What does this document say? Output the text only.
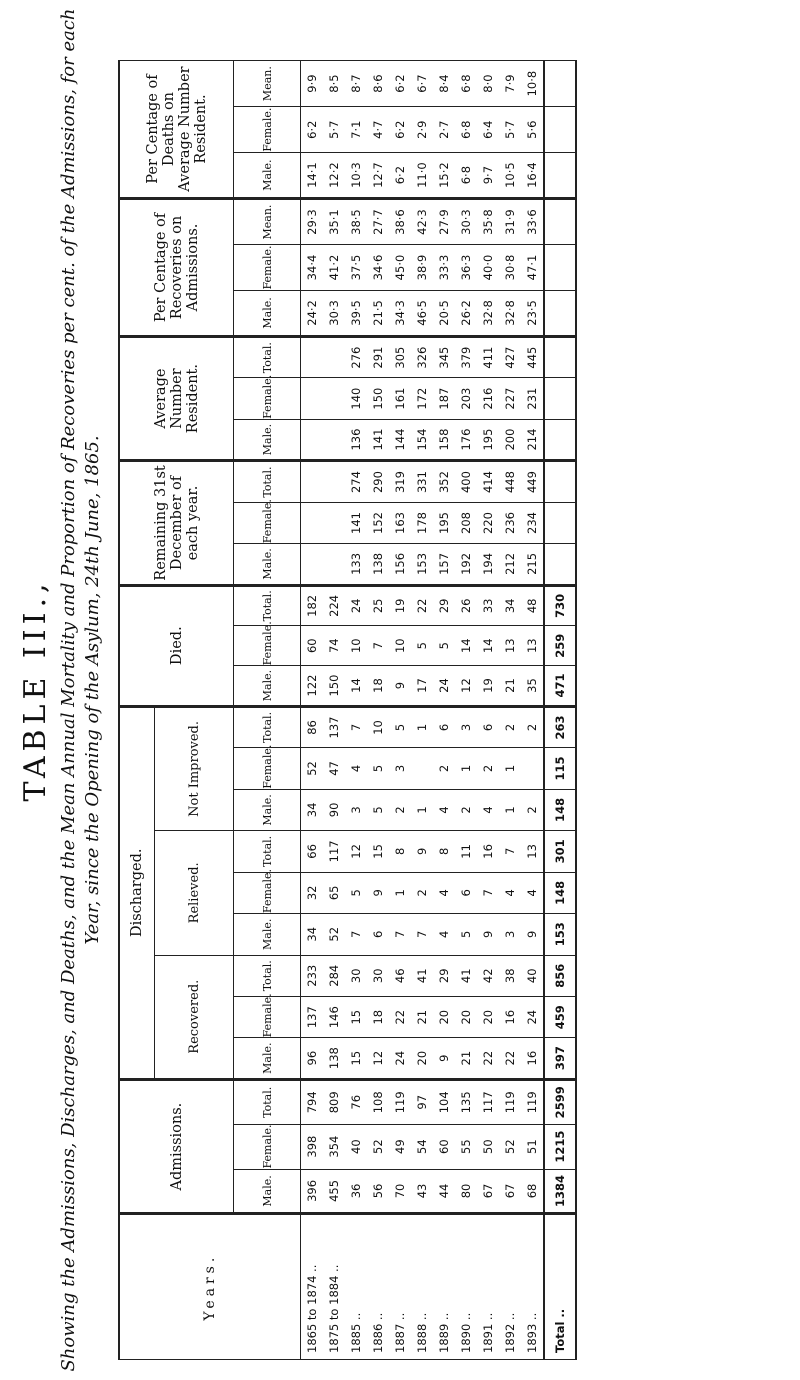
TABLE III., Showing the Admissions, Discharges, and Deaths, and the Mean Annual Mortality and Proportion of Recoveries per cent. of the Admissions, for each Year, since the Opening of the Asylum, 24th June, 1865.
Years.	Admissions.			Discharged.									Died.			Remaining 31st December of each year.			Average Number Resident.			Per Centage of Recoveries on Admissions.			Per Centage of Deaths on Average Number Resident.		
				Recovered.			Relieved.			Not Improved.																	
	Male.	Female.	Total.	Male.	Female.	Total.	Male.	Female.	Total.	Male.	Female.	Total.	Male.	Female.	Total.	Male.	Female.	Total.	Male.	Female.	Total.	Male.	Female.	Mean.	Male.	Female.	Mean.
1865 to 1874 ..	396	398	794	96	137	233	34	32	66	34	52	86	122	60	182							24·2	34·4	29·3	14·1	6·2	9·9
1875 to 1884 ..	455	354	809	138	146	284	52	65	117	90	47	137	150	74	224							30·3	41·2	35·1	12·2	5·7	8·5
1885 ..	36	40	76	15	15	30	7	5	12	3	4	7	14	10	24	133	141	274	136	140	276	39·5	37·5	38·5	10·3	7·1	8·7
1886 ..	56	52	108	12	18	30	6	9	15	5	5	10	18	7	25	138	152	290	141	150	291	21·5	34·6	27·7	12·7	4·7	8·6
1887 ..	70	49	119	24	22	46	7	1	8	2	3	5	9	10	19	156	163	319	144	161	305	34·3	45·0	38·6	6·2	6·2	6·2
1888 ..	43	54	97	20	21	41	7	2	9	1		1	17	5	22	153	178	331	154	172	326	46·5	38·9	42·3	11·0	2·9	6·7
1889 ..	44	60	104	9	20	29	4	4	8	4	2	6	24	5	29	157	195	352	158	187	345	20·5	33·3	27·9	15·2	2·7	8·4
1890 ..	80	55	135	21	20	41	5	6	11	2	1	3	12	14	26	192	208	400	176	203	379	26·2	36·3	30·3	6·8	6·8	6·8
1891 ..	67	50	117	22	20	42	9	7	16	4	2	6	19	14	33	194	220	414	195	216	411	32·8	40·0	35·8	9·7	6·4	8·0
1892 ..	67	52	119	22	16	38	3	4	7	1	1	2	21	13	34	212	236	448	200	227	427	32·8	30·8	31·9	10·5	5·7	7·9
1893 ..	68	51	119	16	24	40	9	4	13	2		2	35	13	48	215	234	449	214	231	445	23·5	47·1	33·6	16·4	5·6	10·8
Total ..	1384	1215	2599	397	459	856	153	148	301	148	115	263	471	259	730												
